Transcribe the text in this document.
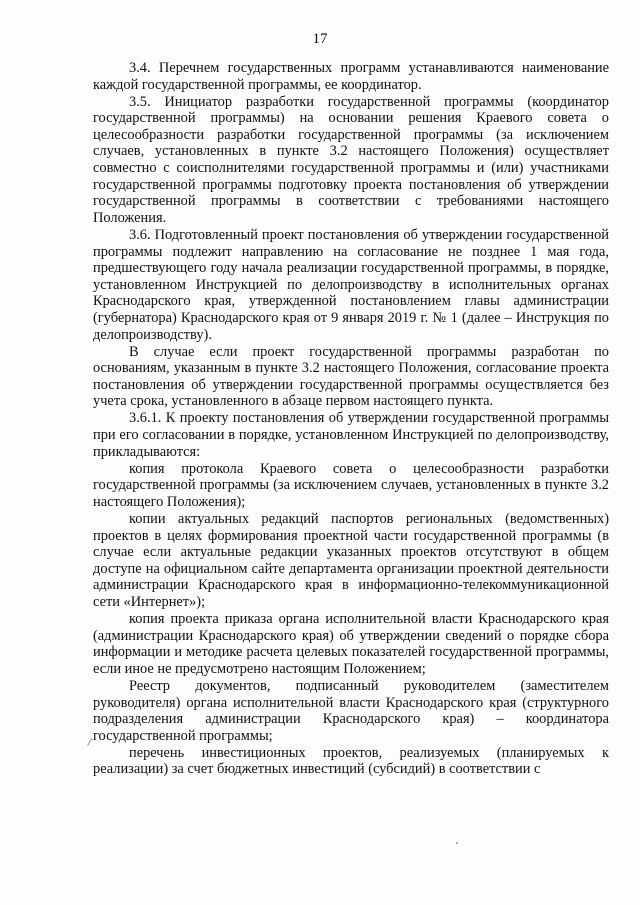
17

3.4. Перечнем государственных программ устанавливаются наименование каждой государственной программы, ее координатор.

3.5. Инициатор разработки государственной программы (координатор государственной программы) на основании решения Краевого совета о целесообразности разработки государственной программы (за исключением случаев, установленных в пункте 3.2 настоящего Положения) осуществляет совместно с соисполнителями государственной программы и (или) участниками государственной программы подготовку проекта постановления об утверждении государственной программы в соответствии с требованиями настоящего Положения.

3.6. Подготовленный проект постановления об утверждении государственной программы подлежит направлению на согласование не позднее 1 мая года, предшествующего году начала реализации государственной программы, в порядке, установленном Инструкцией по делопроизводству в исполнительных органах Краснодарского края, утвержденной постановлением главы администрации (губернатора) Краснодарского края от 9 января 2019 г. № 1 (далее – Инструкция по делопроизводству).

В случае если проект государственной программы разработан по основаниям, указанным в пункте 3.2 настоящего Положения, согласование проекта постановления об утверждении государственной программы осуществляется без учета срока, установленного в абзаце первом настоящего пункта.

3.6.1. К проекту постановления об утверждении государственной программы при его согласовании в порядке, установленном Инструкцией по делопроизводству, прикладываются:

копия протокола Краевого совета о целесообразности разработки государственной программы (за исключением случаев, установленных в пункте 3.2 настоящего Положения);

копии актуальных редакций паспортов региональных (ведомственных) проектов в целях формирования проектной части государственной программы (в случае если актуальные редакции указанных проектов отсутствуют в общем доступе на официальном сайте департамента организации проектной деятельности администрации Краснодарского края в информационно-телекоммуникационной сети «Интернет»);

копия проекта приказа органа исполнительной власти Краснодарского края (администрации Краснодарского края) об утверждении сведений о порядке сбора информации и методике расчета целевых показателей государственной программы, если иное не предусмотрено настоящим Положением;

Реестр документов, подписанный руководителем (заместителем руководителя) органа исполнительной власти Краснодарского края (структурного подразделения администрации Краснодарского края) – координатора государственной программы;

перечень инвестиционных проектов, реализуемых (планируемых к реализации) за счет бюджетных инвестиций (субсидий) в соответствии с

/
